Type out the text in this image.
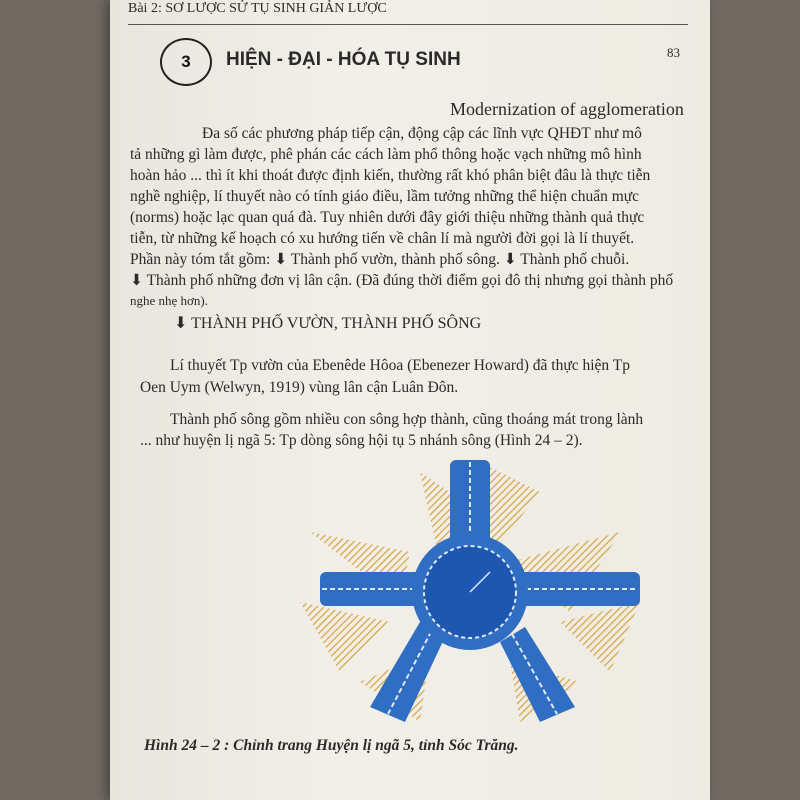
Bài 2: SƠ LƯỢC SỬ TỤ SINH GIẢN LƯỢC
83
3 HIỆN - ĐẠI - HÓA TỤ SINH
Modernization of agglomeration
Đa số các phương pháp tiếp cận, động cập các lĩnh vực QHĐT như mô
tả những gì làm được, phê phán các cách làm phổ thông hoặc vạch những mô hình
hoàn hảo ... thì ít khi thoát được định kiến, thường rất khó phân biệt đâu là thực tiễn
nghề nghiệp, lí thuyết nào có tính giáo điều, lầm tưởng những thể hiện chuẩn mực
(norms) hoặc lạc quan quá đà. Tuy nhiên dưới đây giới thiệu những thành quả thực
tiễn, từ những kế hoạch có xu hướng tiến về chân lí mà người đời gọi là lí thuyết.
Phần này tóm tắt gồm: ⬇ Thành phố vườn, thành phố sông. ⬇ Thành phố chuỗi.
⬇ Thành phố những đơn vị lân cận. (Đã đúng thời điểm gọi đô thị nhưng gọi thành phố
nghe nhẹ hơn).
⬇ THÀNH PHỐ VƯỜN, THÀNH PHỐ SÔNG
Lí thuyết Tp vườn của Ebenêde Hôoa (Ebenezer Howard) đã thực hiện Tp
Oen Uym (Welwyn, 1919) vùng lân cận Luân Đôn.
Thành phố sông gồm nhiều con sông hợp thành, cũng thoáng mát trong lành
... như huyện lị ngã 5: Tp dòng sông hội tụ 5 nhánh sông (Hình 24 – 2).
Hình 24 – 2 : Chỉnh trang Huyện lị ngã 5, tỉnh Sóc Trăng.
